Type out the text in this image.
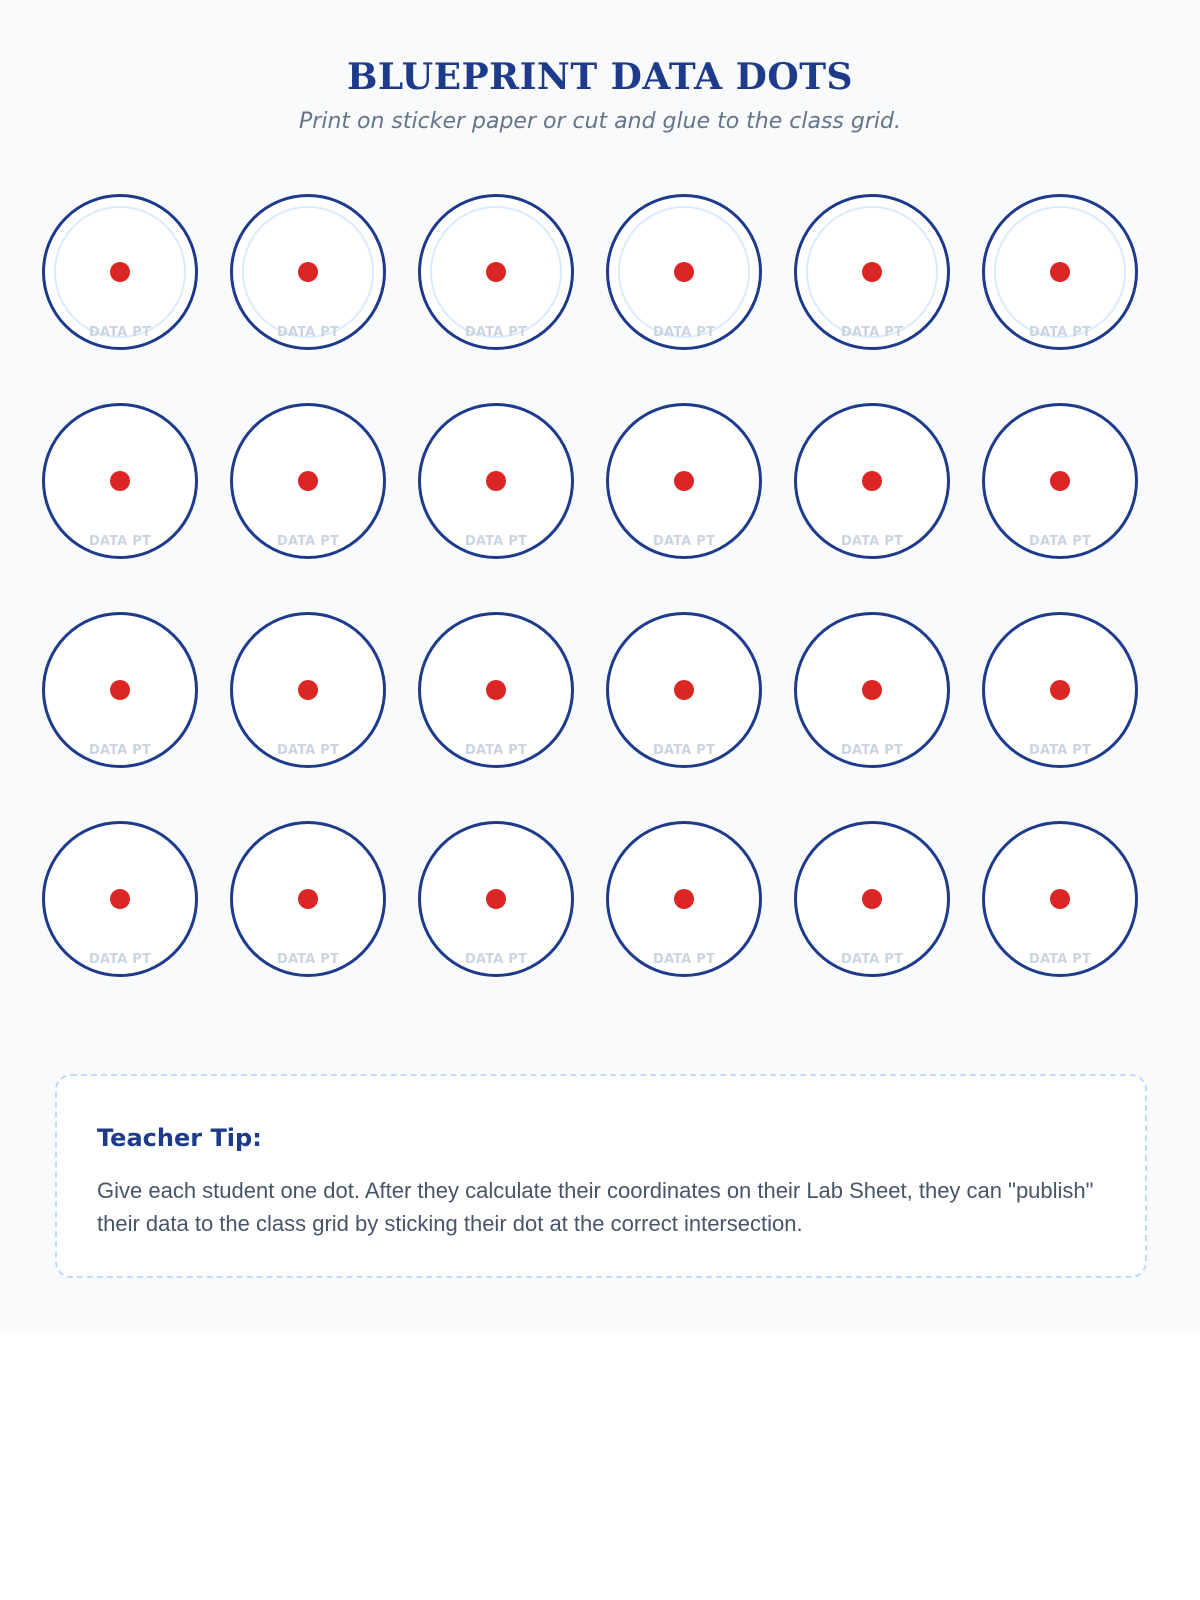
BLUEPRINT DATA DOTS

Print on sticker paper or cut and glue to the class grid.

DATA PT	DATA PT	DATA PT	DATA PT	DATA PT	DATA PT
DATA PT	DATA PT	DATA PT	DATA PT	DATA PT	DATA PT
DATA PT	DATA PT	DATA PT	DATA PT	DATA PT	DATA PT
DATA PT	DATA PT	DATA PT	DATA PT	DATA PT	DATA PT
Teacher Tip:

Give each student one dot. After they calculate their coordinates on their Lab Sheet, they can "publish" their data to the class grid by sticking their dot at the correct intersection.
